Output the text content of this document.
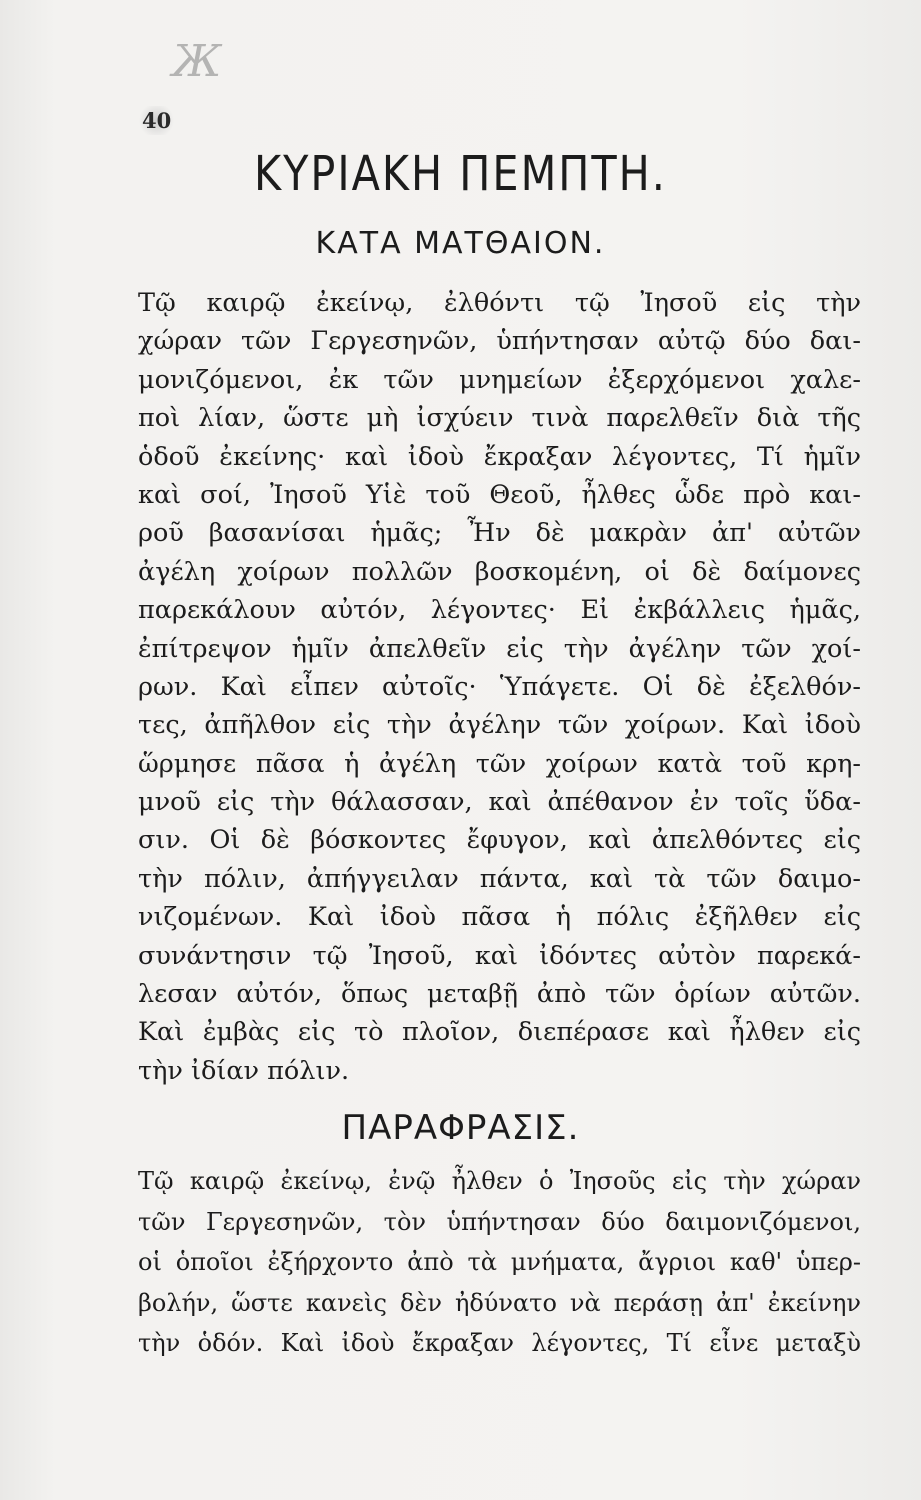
Ж
40
ΚΥΡΙΑΚΗ ΠΕΜΠΤΗ.
ΚΑΤΑ ΜΑΤΘΑΙΟΝ.
Τῷ καιρῷ ἐκείνῳ, ἐλθόντι τῷ Ἰησοῦ εἰς τὴν
χώραν τῶν Γεργεσηνῶν, ὑπήντησαν αὐτῷ δύο δαι-
μονιζόμενοι, ἐκ τῶν μνημείων ἐξερχόμενοι χαλε-
ποὶ λίαν, ὥστε μὴ ἰσχύειν τινὰ παρελθεῖν διὰ τῆς
ὁδοῦ ἐκείνης· καὶ ἰδοὺ ἔκραξαν λέγοντες, Τί ἡμῖν
καὶ σοί, Ἰησοῦ Υἱὲ τοῦ Θεοῦ, ἦλθες ὧδε πρὸ και-
ροῦ βασανίσαι ἡμᾶς; Ἦν δὲ μακρὰν ἀπ' αὐτῶν
ἀγέλη χοίρων πολλῶν βοσκομένη, οἱ δὲ δαίμονες
παρεκάλουν αὐτόν, λέγοντες· Εἰ ἐκβάλλεις ἡμᾶς,
ἐπίτρεψον ἡμῖν ἀπελθεῖν εἰς τὴν ἀγέλην τῶν χοί-
ρων. Καὶ εἶπεν αὐτοῖς· Ὑπάγετε. Οἱ δὲ ἐξελθόν-
τες, ἀπῆλθον εἰς τὴν ἀγέλην τῶν χοίρων. Καὶ ἰδοὺ
ὥρμησε πᾶσα ἡ ἀγέλη τῶν χοίρων κατὰ τοῦ κρη-
μνοῦ εἰς τὴν θάλασσαν, καὶ ἀπέθανον ἐν τοῖς ὕδα-
σιν. Οἱ δὲ βόσκοντες ἔφυγον, καὶ ἀπελθόντες εἰς
τὴν πόλιν, ἀπήγγειλαν πάντα, καὶ τὰ τῶν δαιμο-
νιζομένων. Καὶ ἰδοὺ πᾶσα ἡ πόλις ἐξῆλθεν εἰς
συνάντησιν τῷ Ἰησοῦ, καὶ ἰδόντες αὐτὸν παρεκά-
λεσαν αὐτόν, ὅπως μεταβῇ ἀπὸ τῶν ὁρίων αὐτῶν.
Καὶ ἐμβὰς εἰς τὸ πλοῖον, διεπέρασε καὶ ἦλθεν εἰς
τὴν ἰδίαν πόλιν.
ΠΑΡΑΦΡΑΣΙΣ.
Τῷ καιρῷ ἐκείνῳ, ἐνῷ ἦλθεν ὁ Ἰησοῦς εἰς τὴν χώραν
τῶν Γεργεσηνῶν, τὸν ὑπήντησαν δύο δαιμονιζόμενοι,
οἱ ὁποῖοι ἐξήρχοντο ἀπὸ τὰ μνήματα, ἄγριοι καθ' ὑπερ-
βολήν, ὥστε κανεὶς δὲν ἠδύνατο νὰ περάσῃ ἀπ' ἐκείνην
τὴν ὁδόν. Καὶ ἰδοὺ ἔκραξαν λέγοντες, Τί εἶνε μεταξὺ
